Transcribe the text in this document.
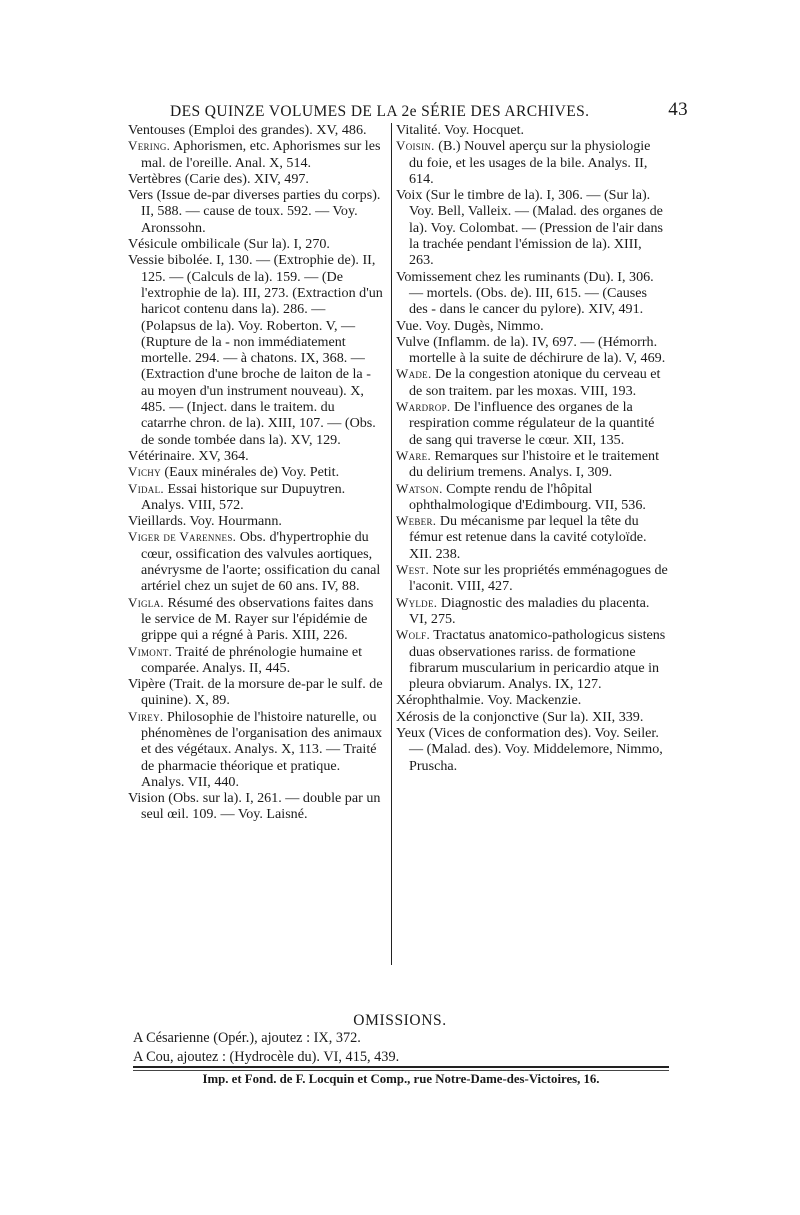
DES QUINZE VOLUMES DE LA 2e SÉRIE DES ARCHIVES.	43

Ventouses (Emploi des grandes). XV, 486.

Vering. Aphorismen, etc. Aphorismes sur les mal. de l'oreille. Anal. X, 514.

Vertèbres (Carie des). XIV, 497.

Vers (Issue de-par diverses parties du corps). II, 588. — cause de toux. 592. — Voy. Aronssohn.

Vésicule ombilicale (Sur la). I, 270.

Vessie bibolée. I, 130. — (Extrophie de). II, 125. — (Calculs de la). 159. — (De l'extrophie de la). III, 273. (Extraction d'un haricot contenu dans la). 286. — (Polapsus de la). Voy. Roberton. V, — (Rupture de la - non immédiatement mortelle. 294. — à chatons. IX, 368. — (Extraction d'une broche de laiton de la - au moyen d'un instrument nouveau). X, 485. — (Inject. dans le traitem. du catarrhe chron. de la). XIII, 107. — (Obs. de sonde tombée dans la). XV, 129.

Vétérinaire. XV, 364.

Vichy (Eaux minérales de) Voy. Petit.

Vidal. Essai historique sur Dupuytren. Analys. VIII, 572.

Vieillards. Voy. Hourmann.

Viger de Varennes. Obs. d'hypertrophie du cœur, ossification des valvules aortiques, anévrysme de l'aorte; ossification du canal artériel chez un sujet de 60 ans. IV, 88.

Vigla. Résumé des observations faites dans le service de M. Rayer sur l'épidémie de grippe qui a régné à Paris. XIII, 226.

Vimont. Traité de phrénologie humaine et comparée. Analys. II, 445.

Vipère (Trait. de la morsure de-par le sulf. de quinine). X, 89.

Virey. Philosophie de l'histoire naturelle, ou phénomènes de l'organisation des animaux et des végétaux. Analys. X, 113. — Traité de pharmacie théorique et pratique. Analys. VII, 440.

Vision (Obs. sur la). I, 261. — double par un seul œil. 109. — Voy. Laisné.

Vitalité. Voy. Hocquet.

Voisin. (B.) Nouvel aperçu sur la physiologie du foie, et les usages de la bile. Analys. II, 614.

Voix (Sur le timbre de la). I, 306. — (Sur la). Voy. Bell, Valleix. — (Malad. des organes de la). Voy. Colombat. — (Pression de l'air dans la trachée pendant l'émission de la). XIII, 263.

Vomissement chez les ruminants (Du). I, 306. — mortels. (Obs. de). III, 615. — (Causes des - dans le cancer du pylore). XIV, 491.

Vue. Voy. Dugès, Nimmo.

Vulve (Inflamm. de la). IV, 697. — (Hémorrh. mortelle à la suite de déchirure de la). V, 469.

Wade. De la congestion atonique du cerveau et de son traitem. par les moxas. VIII, 193.

Wardrop. De l'influence des organes de la respiration comme régulateur de la quantité de sang qui traverse le cœur. XII, 135.

Ware. Remarques sur l'histoire et le traitement du delirium tremens. Analys. I, 309.

Watson. Compte rendu de l'hôpital ophthalmologique d'Edimbourg. VII, 536.

Weber. Du mécanisme par lequel la tête du fémur est retenue dans la cavité cotyloïde. XII. 238.

West. Note sur les propriétés emménagogues de l'aconit. VIII, 427.

Wylde. Diagnostic des maladies du placenta. VI, 275.

Wolf. Tractatus anatomico-pathologicus sistens duas observationes rariss. de formatione fibrarum muscularium in pericardio atque in pleura obviarum. Analys. IX, 127.

Xérophthalmie. Voy. Mackenzie.

Xérosis de la conjonctive (Sur la). XII, 339.

Yeux (Vices de conformation des). Voy. Seiler. — (Malad. des). Voy. Middelemore, Nimmo, Pruscha.

OMISSIONS.
A Césarienne (Opér.), ajoutez : IX, 372.
A Cou, ajoutez : (Hydrocèle du). VI, 415, 439.
Imp. et Fond. de F. Locquin et Comp., rue Notre-Dame-des-Victoires, 16.
